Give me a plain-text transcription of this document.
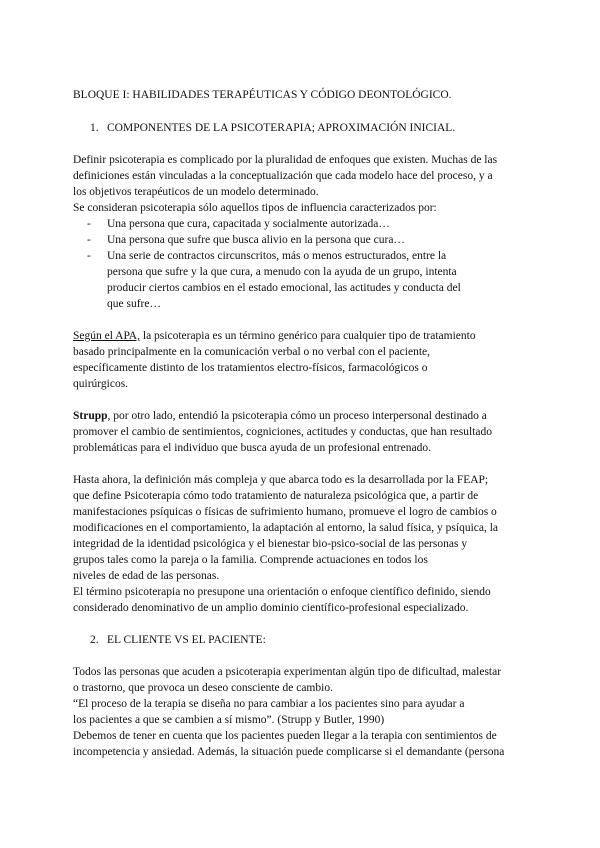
BLOQUE I: HABILIDADES TERAPÉUTICAS Y CÓDIGO DEONTOLÓGICO.
1. COMPONENTES DE LA PSICOTERAPIA; APROXIMACIÓN INICIAL.
Definir psicoterapia es complicado por la pluralidad de enfoques que existen. Muchas de las
definiciones están vinculadas a la conceptualización que cada modelo hace del proceso, y a
los objetivos terapéuticos de un modelo determinado.
Se consideran psicoterapia sólo aquellos tipos de influencia caracterizados por:
- Una persona que cura, capacitada y socialmente autorizada…
- Una persona que sufre que busca alivio en la persona que cura…
- Una serie de contractos circunscritos, más o menos estructurados, entre la
persona que sufre y la que cura, a menudo con la ayuda de un grupo, intenta
producir ciertos cambios en el estado emocional, las actitudes y conducta del
que sufre…
Según el APA, la psicoterapia es un término genérico para cualquier tipo de tratamiento
basado principalmente en la comunicación verbal o no verbal con el paciente,
específicamente distinto de los tratamientos electro-físicos, farmacológicos o
quirúrgicos.
Strupp, por otro lado, entendió la psicoterapia cómo un proceso interpersonal destinado a
promover el cambio de sentimientos, cogniciones, actitudes y conductas, que han resultado
problemáticas para el individuo que busca ayuda de un profesional entrenado.
Hasta ahora, la definición más compleja y que abarca todo es la desarrollada por la FEAP;
que define Psicoterapia cómo todo tratamiento de naturaleza psicológica que, a partir de
manifestaciones psíquicas o físicas de sufrimiento humano, promueve el logro de cambios o
modificaciones en el comportamiento, la adaptación al entorno, la salud física, y psíquica, la
integridad de la identidad psicológica y el bienestar bio-psico-social de las personas y
grupos tales como la pareja o la familia. Comprende actuaciones en todos los
niveles de edad de las personas.
El término psicoterapia no presupone una orientación o enfoque científico definido, siendo
considerado denominativo de un amplio dominio científico-profesional especializado.
2. EL CLIENTE VS EL PACIENTE:
Todos las personas que acuden a psicoterapia experimentan algún tipo de dificultad, malestar
o trastorno, que provoca un deseo consciente de cambio.
“El proceso de la terapia se diseña no para cambiar a los pacientes sino para ayudar a
los pacientes a que se cambien a sí mismo”. (Strupp y Butler, 1990)
Debemos de tener en cuenta que los pacientes pueden llegar a la terapia con sentimientos de
incompetencia y ansiedad. Además, la situación puede complicarse si el demandante (persona
